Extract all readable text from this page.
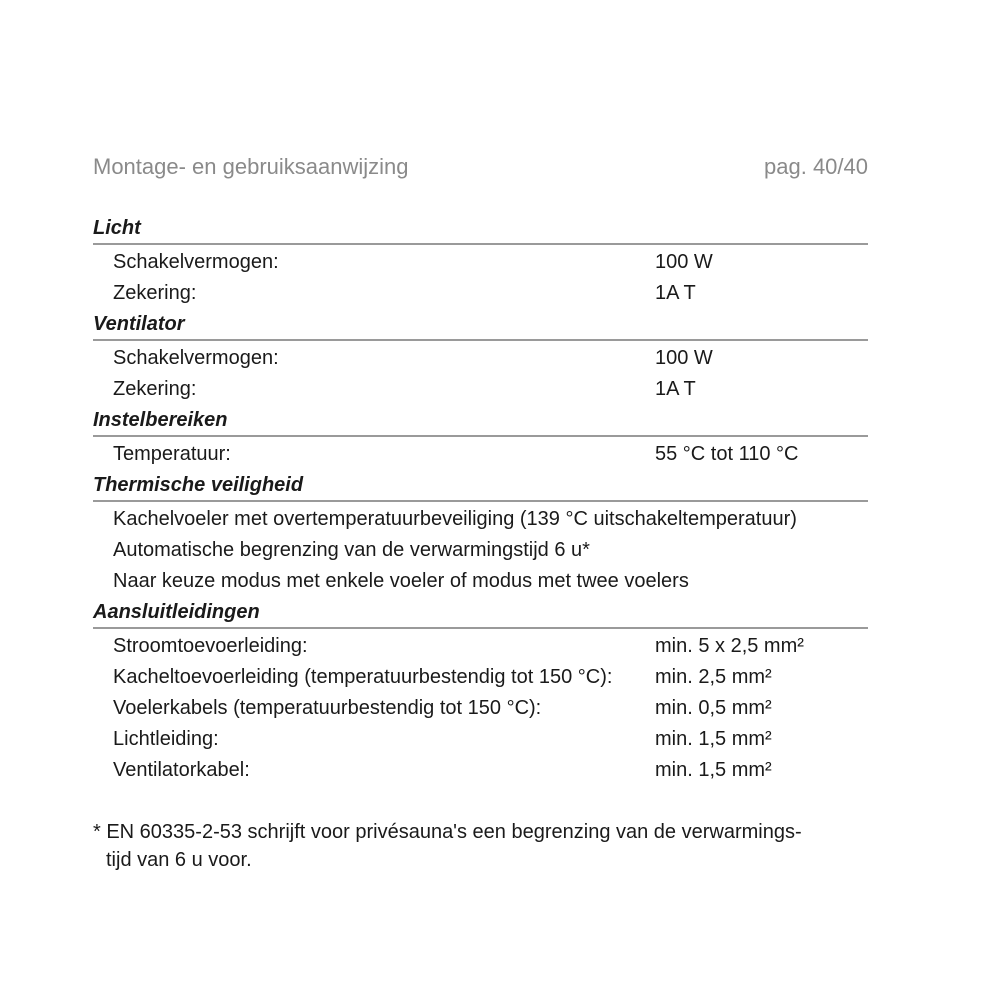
Montage- en gebruiksaanwijzing	pag. 40/40
Licht
Schakelvermogen:	100 W
Zekering:	1A T
Ventilator
Schakelvermogen:	100 W
Zekering:	1A T
Instelbereiken
Temperatuur:	55 °C tot 110 °C
Thermische veiligheid
Kachelvoeler met overtemperatuurbeveiliging (139 °C uitschakeltemperatuur)
Automatische begrenzing van de verwarmingstijd 6 u*
Naar keuze modus met enkele voeler of modus met twee voelers
Aansluitleidingen
Stroomtoevoerleiding:	min. 5 x 2,5 mm²
Kacheltoevoerleiding (temperatuurbestendig tot 150 °C): min. 2,5 mm²
Voelerkabels (temperatuurbestendig tot 150 °C):	min. 0,5 mm²
Lichtleiding:	min. 1,5 mm²
Ventilatorkabel:	min. 1,5 mm²
* EN 60335-2-53 schrijft voor privésauna's een begrenzing van de verwarmings-
tijd van 6 u voor.
